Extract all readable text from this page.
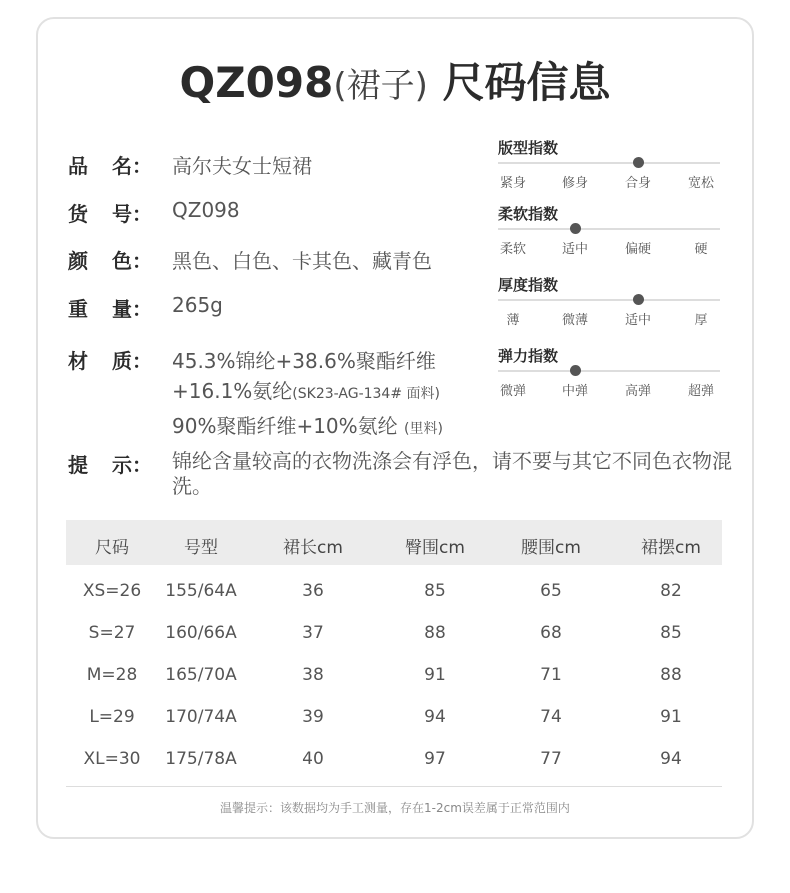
QZ098(裙子) 尺码信息
品 名：	高尔夫女士短裙
货 号：	QZ098
颜 色：	黑色、白色、卡其色、藏青色
重 量：	265g
材 质：	45.3%锦纶+38.6%聚酯纤维
+16.1%氨纶(SK23-AG-134# 面料)
90%聚酯纤维+10%氨纶 (里料)
提 示：	锦纶含量较高的衣物洗涤会有浮色，请不要与其它不同色衣物混洗。
版型指数
紧身	修身	合身	宽松
柔软指数
柔软	适中	偏硬	硬
厚度指数
薄	微薄	适中	厚
弹力指数
微弹	中弹	高弹	超弹
尺码	号型	裙长cm	臀围cm	腰围cm	裙摆cm
XS=26	155/64A	36	85	65	82
S=27	160/66A	37	88	68	85
M=28	165/70A	38	91	71	88
L=29	170/74A	39	94	74	91
XL=30	175/78A	40	97	77	94
温馨提示：该数据均为手工测量，存在1-2cm误差属于正常范围内
